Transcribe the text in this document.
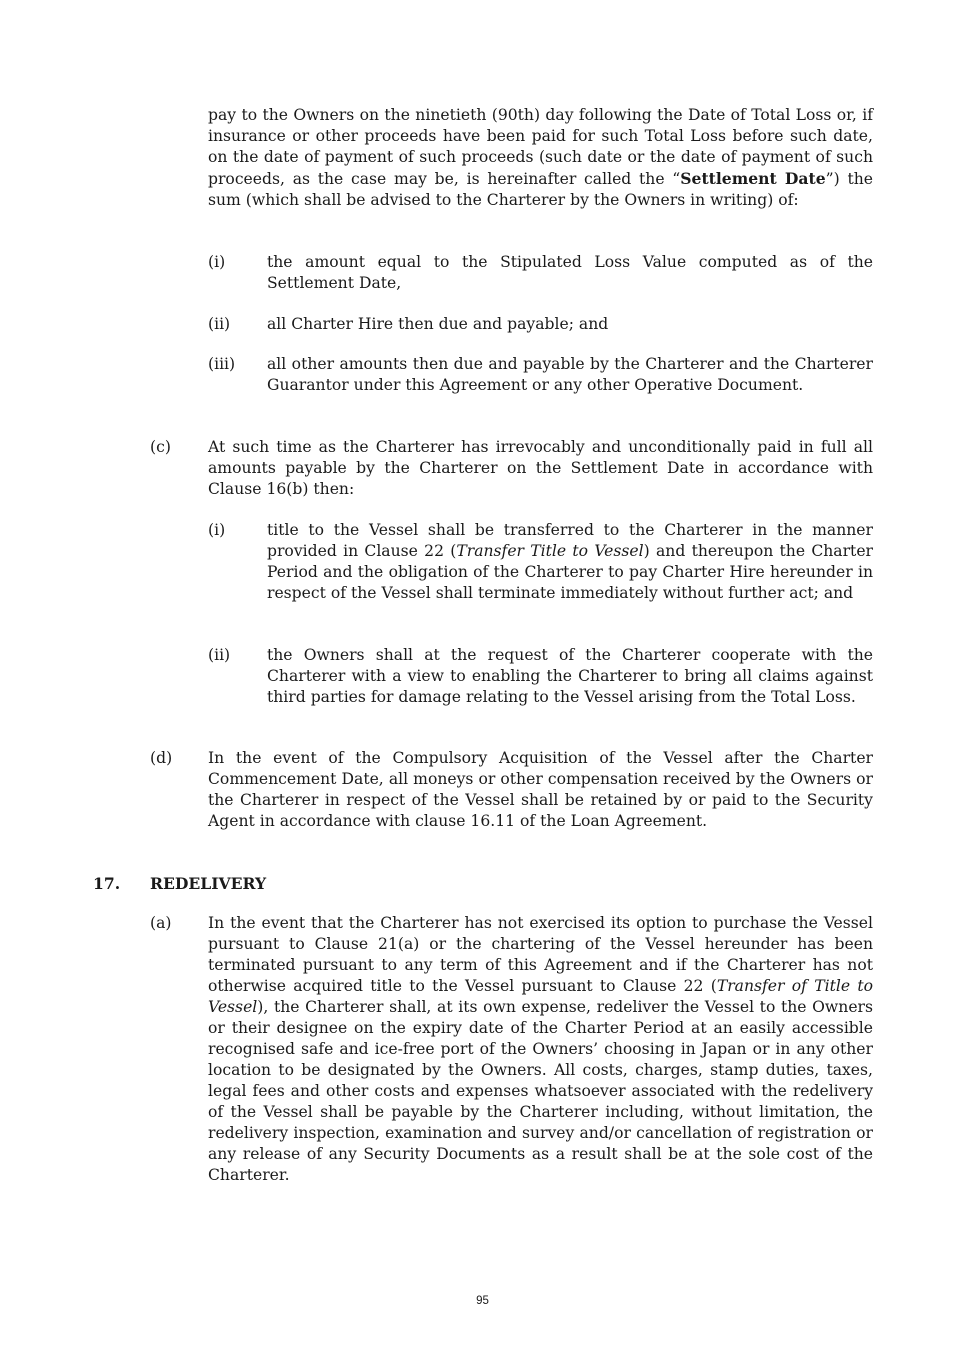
pay to the Owners on the ninetieth (90th) day following the Date of Total Loss or, if insurance or other proceeds have been paid for such Total Loss before such date, on the date of payment of such proceeds (such date or the date of payment of such proceeds, as the case may be, is hereinafter called the “Settlement Date”) the sum (which shall be advised to the Charterer by the Owners in writing) of:

(i)	the amount equal to the Stipulated Loss Value computed as of the Settlement Date,

(ii) all Charter Hire then due and payable; and

(iii) all other amounts then due and payable by the Charterer and the Charterer Guarantor under this Agreement or any other Operative Document.

(c) At such time as the Charterer has irrevocably and unconditionally paid in full all amounts payable by the Charterer on the Settlement Date in accordance with Clause 16(b) then:

(i)	title to the Vessel shall be transferred to the Charterer in the manner provided in Clause 22 (Transfer Title to Vessel) and thereupon the Charter Period and the obligation of the Charterer to pay Charter Hire hereunder in respect of the Vessel shall terminate immediately without further act; and

(ii) the Owners shall at the request of the Charterer cooperate with the Charterer with a view to enabling the Charterer to bring all claims against third parties for damage relating to the Vessel arising from the Total Loss.

(d) In the event of the Compulsory Acquisition of the Vessel after the Charter Commencement Date, all moneys or other compensation received by the Owners or the Charterer in respect of the Vessel shall be retained by or paid to the Security Agent in accordance with clause 16.11 of the Loan Agreement.

17. REDELIVERY
(a) In the event that the Charterer has not exercised its option to purchase the Vessel pursuant to Clause 21(a) or the chartering of the Vessel hereunder has been terminated pursuant to any term of this Agreement and if the Charterer has not otherwise acquired title to the Vessel pursuant to Clause 22 (Transfer of Title to Vessel), the Charterer shall, at its own expense, redeliver the Vessel to the Owners or their designee on the expiry date of the Charter Period at an easily accessible recognised safe and ice-free port of the Owners’ choosing in Japan or in any other location to be designated by the Owners. All costs, charges, stamp duties, taxes, legal fees and other costs and expenses whatsoever associated with the redelivery of the Vessel shall be payable by the Charterer including, without limitation, the redelivery inspection, examination and survey and/or cancellation of registration or any release of any Security Documents as a result shall be at the sole cost of the Charterer.

95
